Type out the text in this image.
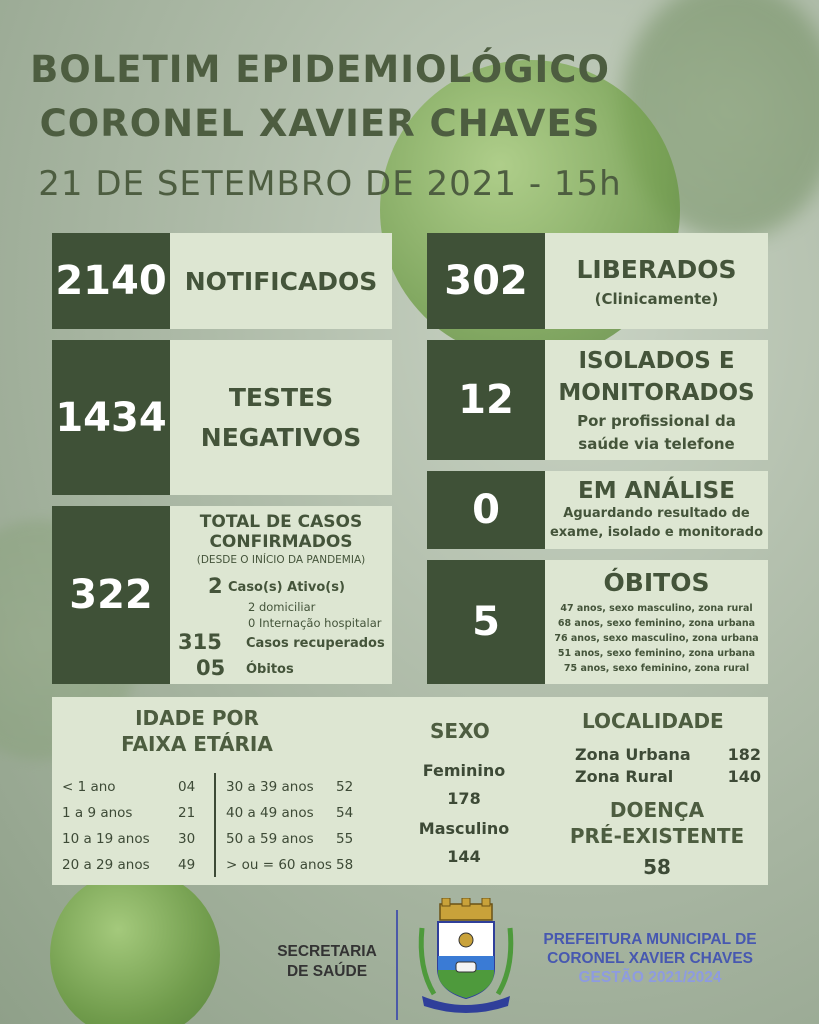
BOLETIM EPIDEMIOLÓGICO
CORONEL XAVIER CHAVES
21 DE SETEMBRO DE 2021 - 15h
2140 NOTIFICADOS	302	LIBERADOS
(Clinicamente)
1434 TESTES
NEGATIVOS
12
ISOLADOS E
MONITORADOS
Por profissional da
saúde via telefone
0	EM ANÁLISE
Aguardando resultado de
exame, isolado e monitorado
322
TOTAL DE CASOS
CONFIRMADOS
(DESDE O INÍCIO DA PANDEMIA)
2 Caso(s) Ativo(s)
2 domiciliar
0 Internação hospitalar
315 Casos recuperados
05 Óbitos
5
ÓBITOS
47 anos, sexo masculino, zona rural
68 anos, sexo feminino, zona urbana
76 anos, sexo masculino, zona urbana
51 anos, sexo feminino, zona urbana
75 anos, sexo feminino, zona rural
IDADE POR
FAIXA ETÁRIA
< 1 ano	04
1 a 9 anos	21
10 a 19 anos 30
20 a 29 anos 49
30 a 39 anos 52
40 a 49 anos 54
50 a 59 anos 55
> ou = 60 anos 58
SEXO
Feminino
178
Masculino
144
LOCALIDADE
Zona Urbana 182
Zona Rural	140
DOENÇA
PRÉ-EXISTENTE
58
SECRETARIA
DE SAÚDE
PREFEITURA MUNICIPAL DE
CORONEL XAVIER CHAVES
GESTÃO 2021/2024
